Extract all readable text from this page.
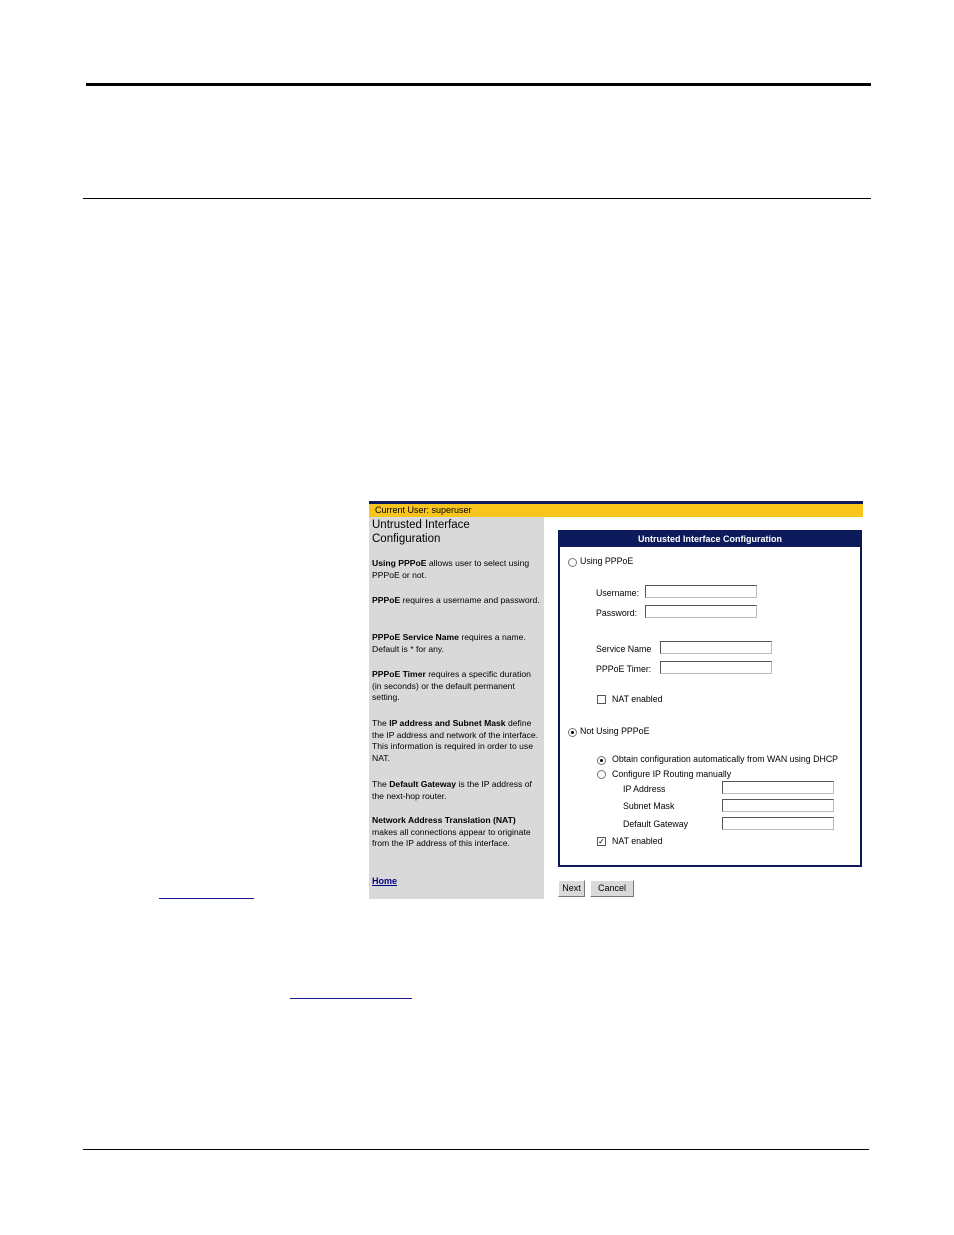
Current User: superuser
Untrusted Interface Configuration
Using PPPoE allows user to select using PPPoE or not.
PPPoE requires a username and password.
PPPoE Service Name requires a name. Default is * for any.
PPPoE Timer requires a specific duration (in seconds) or the default permanent setting.
The IP address and Subnet Mask define the IP address and network of the interface. This information is required in order to use NAT.
The Default Gateway is the IP address of the next-hop router.
Network Address Translation (NAT) makes all connections appear to originate from the IP address of this interface.
Home
Untrusted Interface Configuration
Using PPPoE
Username:
Password:
Service Name
PPPoE Timer:
NAT enabled
Not Using PPPoE
Obtain configuration automatically from WAN using DHCP
Configure IP Routing manually
IP Address
Subnet Mask
Default Gateway
✓ NAT enabled
Next	Cancel
